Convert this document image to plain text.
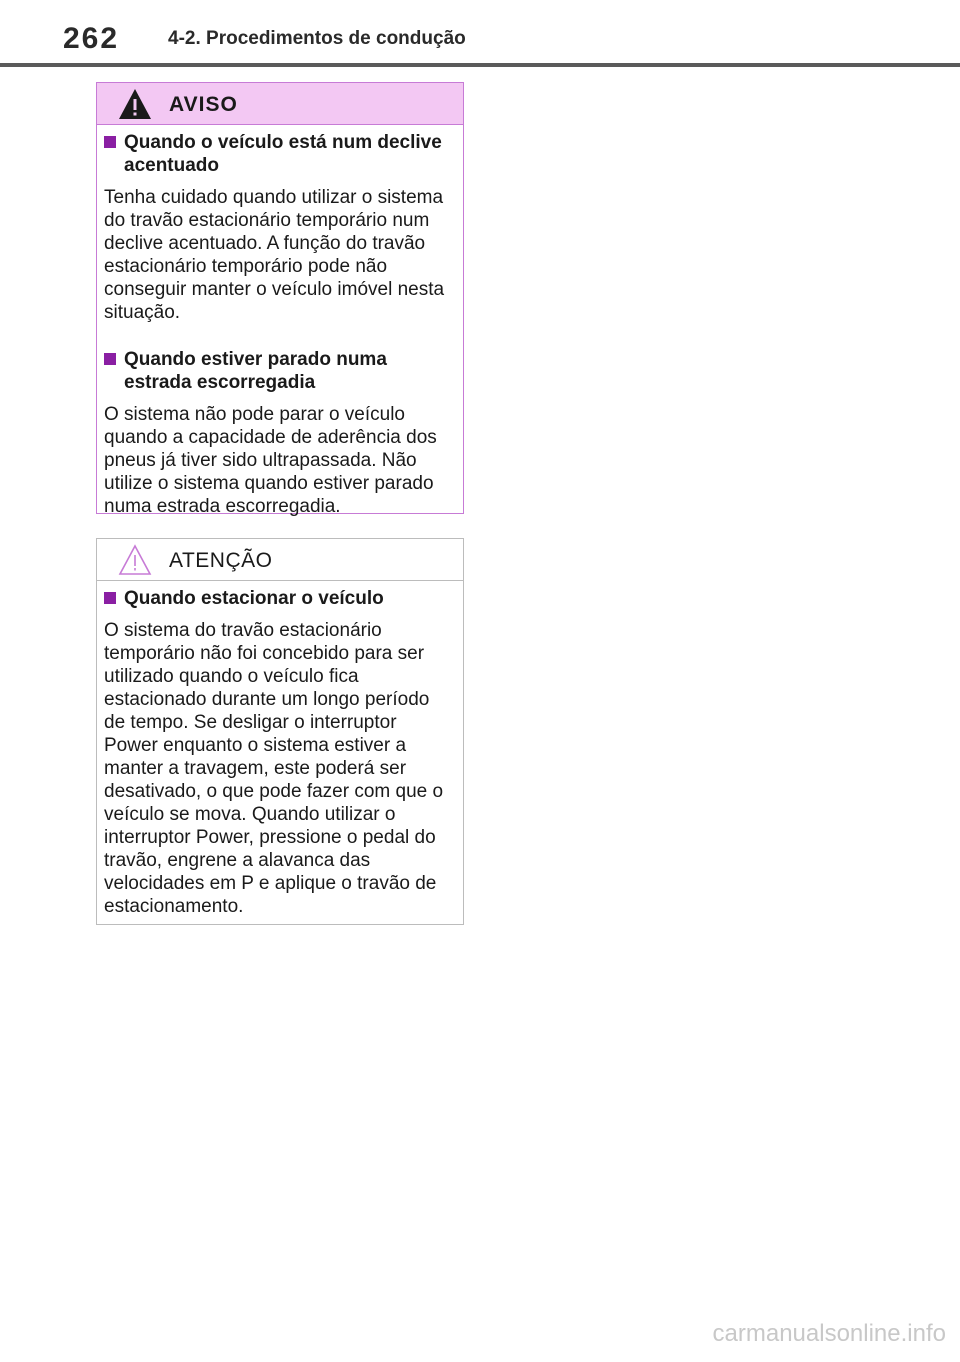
262	4-2. Procedimentos de condução
AVISO
Quando o veículo está num declive acentuado

Tenha cuidado quando utilizar o sistema do travão estacionário temporário num declive acentuado. A função do travão estacionário temporário pode não conseguir manter o veículo imóvel nesta situação.

Quando estiver parado numa estrada escorregadia

O sistema não pode parar o veículo quando a capacidade de aderência dos pneus já tiver sido ultrapassada. Não utilize o sistema quando estiver parado numa estrada escorregadia.

ATENÇÃO
Quando estacionar o veículo

O sistema do travão estacionário temporário não foi concebido para ser utilizado quando o veículo fica estacionado durante um longo período de tempo. Se desligar o interruptor Power enquanto o sistema estiver a manter a travagem, este poderá ser desativado, o que pode fazer com que o veículo se mova. Quando utilizar o interruptor Power, pressione o pedal do travão, engrene a alavanca das velocidades em P e aplique o travão de estacionamento.

carmanualsonline.info
